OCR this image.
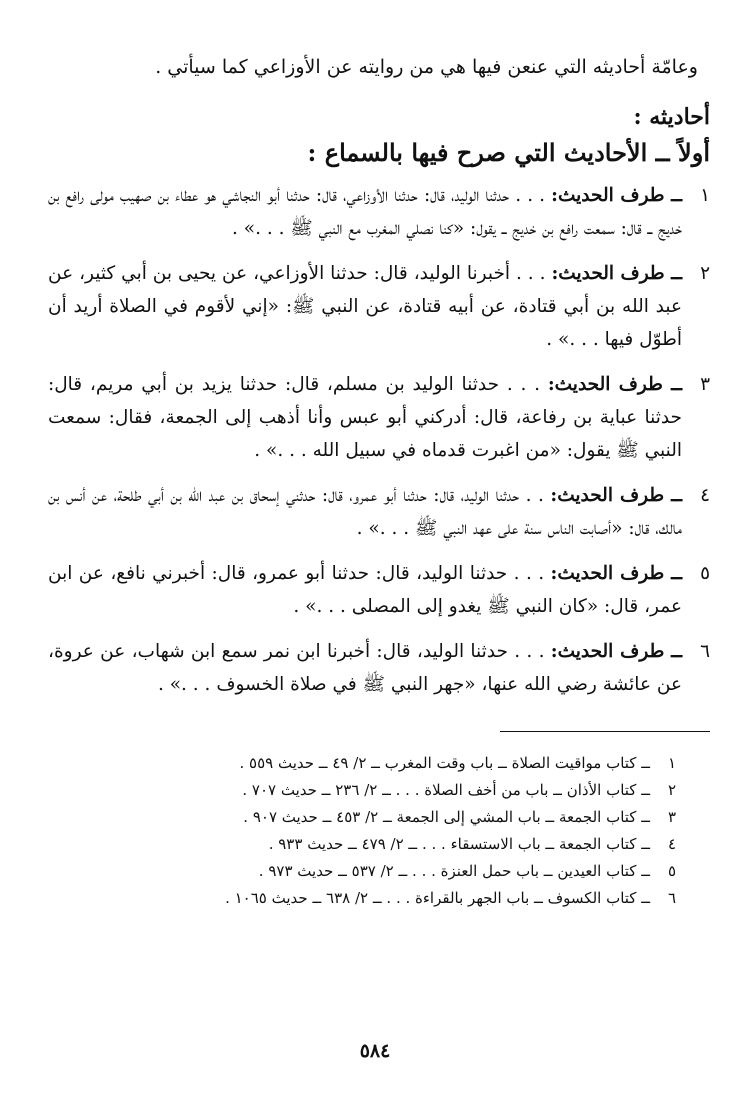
وعامّة أحاديثه التي عنعن فيها هي من روايته عن الأوزاعي كما سيأتي .

أحاديثه :
أولاً ــ الأحاديث التي صرح فيها بالسماع :
١
ــ طرف الحديث: . . . حدثنا الوليد، قال: حدثنا الأوزاعي، قال: حدثنا أبو النجاشي هو عطاء بن صهيب مولى رافع بن خديج ــ قال: سمعت رافع بن خديج ــ يقول: «كنا نصلي المغرب مع النبي ﷺ . . .» .
٢
ــ طرف الحديث: . . . أخبرنا الوليد، قال: حدثنا الأوزاعي، عن يحيى بن أبي كثير، عن عبد الله بن أبي قتادة، عن أبيه قتادة، عن النبي ﷺ: «إني لأقوم في الصلاة أريد أن أطوّل فيها . . .» .
٣
ــ طرف الحديث: . . . حدثنا الوليد بن مسلم، قال: حدثنا يزيد بن أبي مريم، قال: حدثنا عباية بن رفاعة، قال: أدركني أبو عبس وأنا أذهب إلى الجمعة، فقال: سمعت النبي ﷺ يقول: «من اغبرت قدماه في سبيل الله . . .» .
٤
ــ طرف الحديث: . . حدثنا الوليد، قال: حدثنا أبو عمرو، قال: حدثني إسحاق بن عبد الله بن أبي طلحة، عن أنس بن مالك، قال: «أصابت الناس سنة على عهد النبي ﷺ . . .» .
٥
ــ طرف الحديث: . . . حدثنا الوليد، قال: حدثنا أبو عمرو، قال: أخبرني نافع، عن ابن عمر، قال: «كان النبي ﷺ يغدو إلى المصلى . . .» .
٦
ــ طرف الحديث: . . . حدثنا الوليد، قال: أخبرنا ابن نمر سمع ابن شهاب، عن عروة، عن عائشة رضي الله عنها، «جهر النبي ﷺ في صلاة الخسوف . . .» .
١
ــ كتاب مواقيت الصلاة ــ باب وقت المغرب ــ ٢/ ٤٩ ــ حديث ٥٥٩ .
٢
ــ كتاب الأذان ــ باب من أخف الصلاة . . . ــ ٢/ ٢٣٦ ــ حديث ٧٠٧ .
٣
ــ كتاب الجمعة ــ باب المشي إلى الجمعة ــ ٢/ ٤٥٣ ــ حديث ٩٠٧ .
٤
ــ كتاب الجمعة ــ باب الاستسقاء . . . ــ ٢/ ٤٧٩ ــ حديث ٩٣٣ .
٥
ــ كتاب العيدين ــ باب حمل العنزة . . . ــ ٢/ ٥٣٧ ــ حديث ٩٧٣ .
٦
ــ كتاب الكسوف ــ باب الجهر بالقراءة . . . ــ ٢/ ٦٣٨ ــ حديث ١٠٦٥ .
٥٨٤
